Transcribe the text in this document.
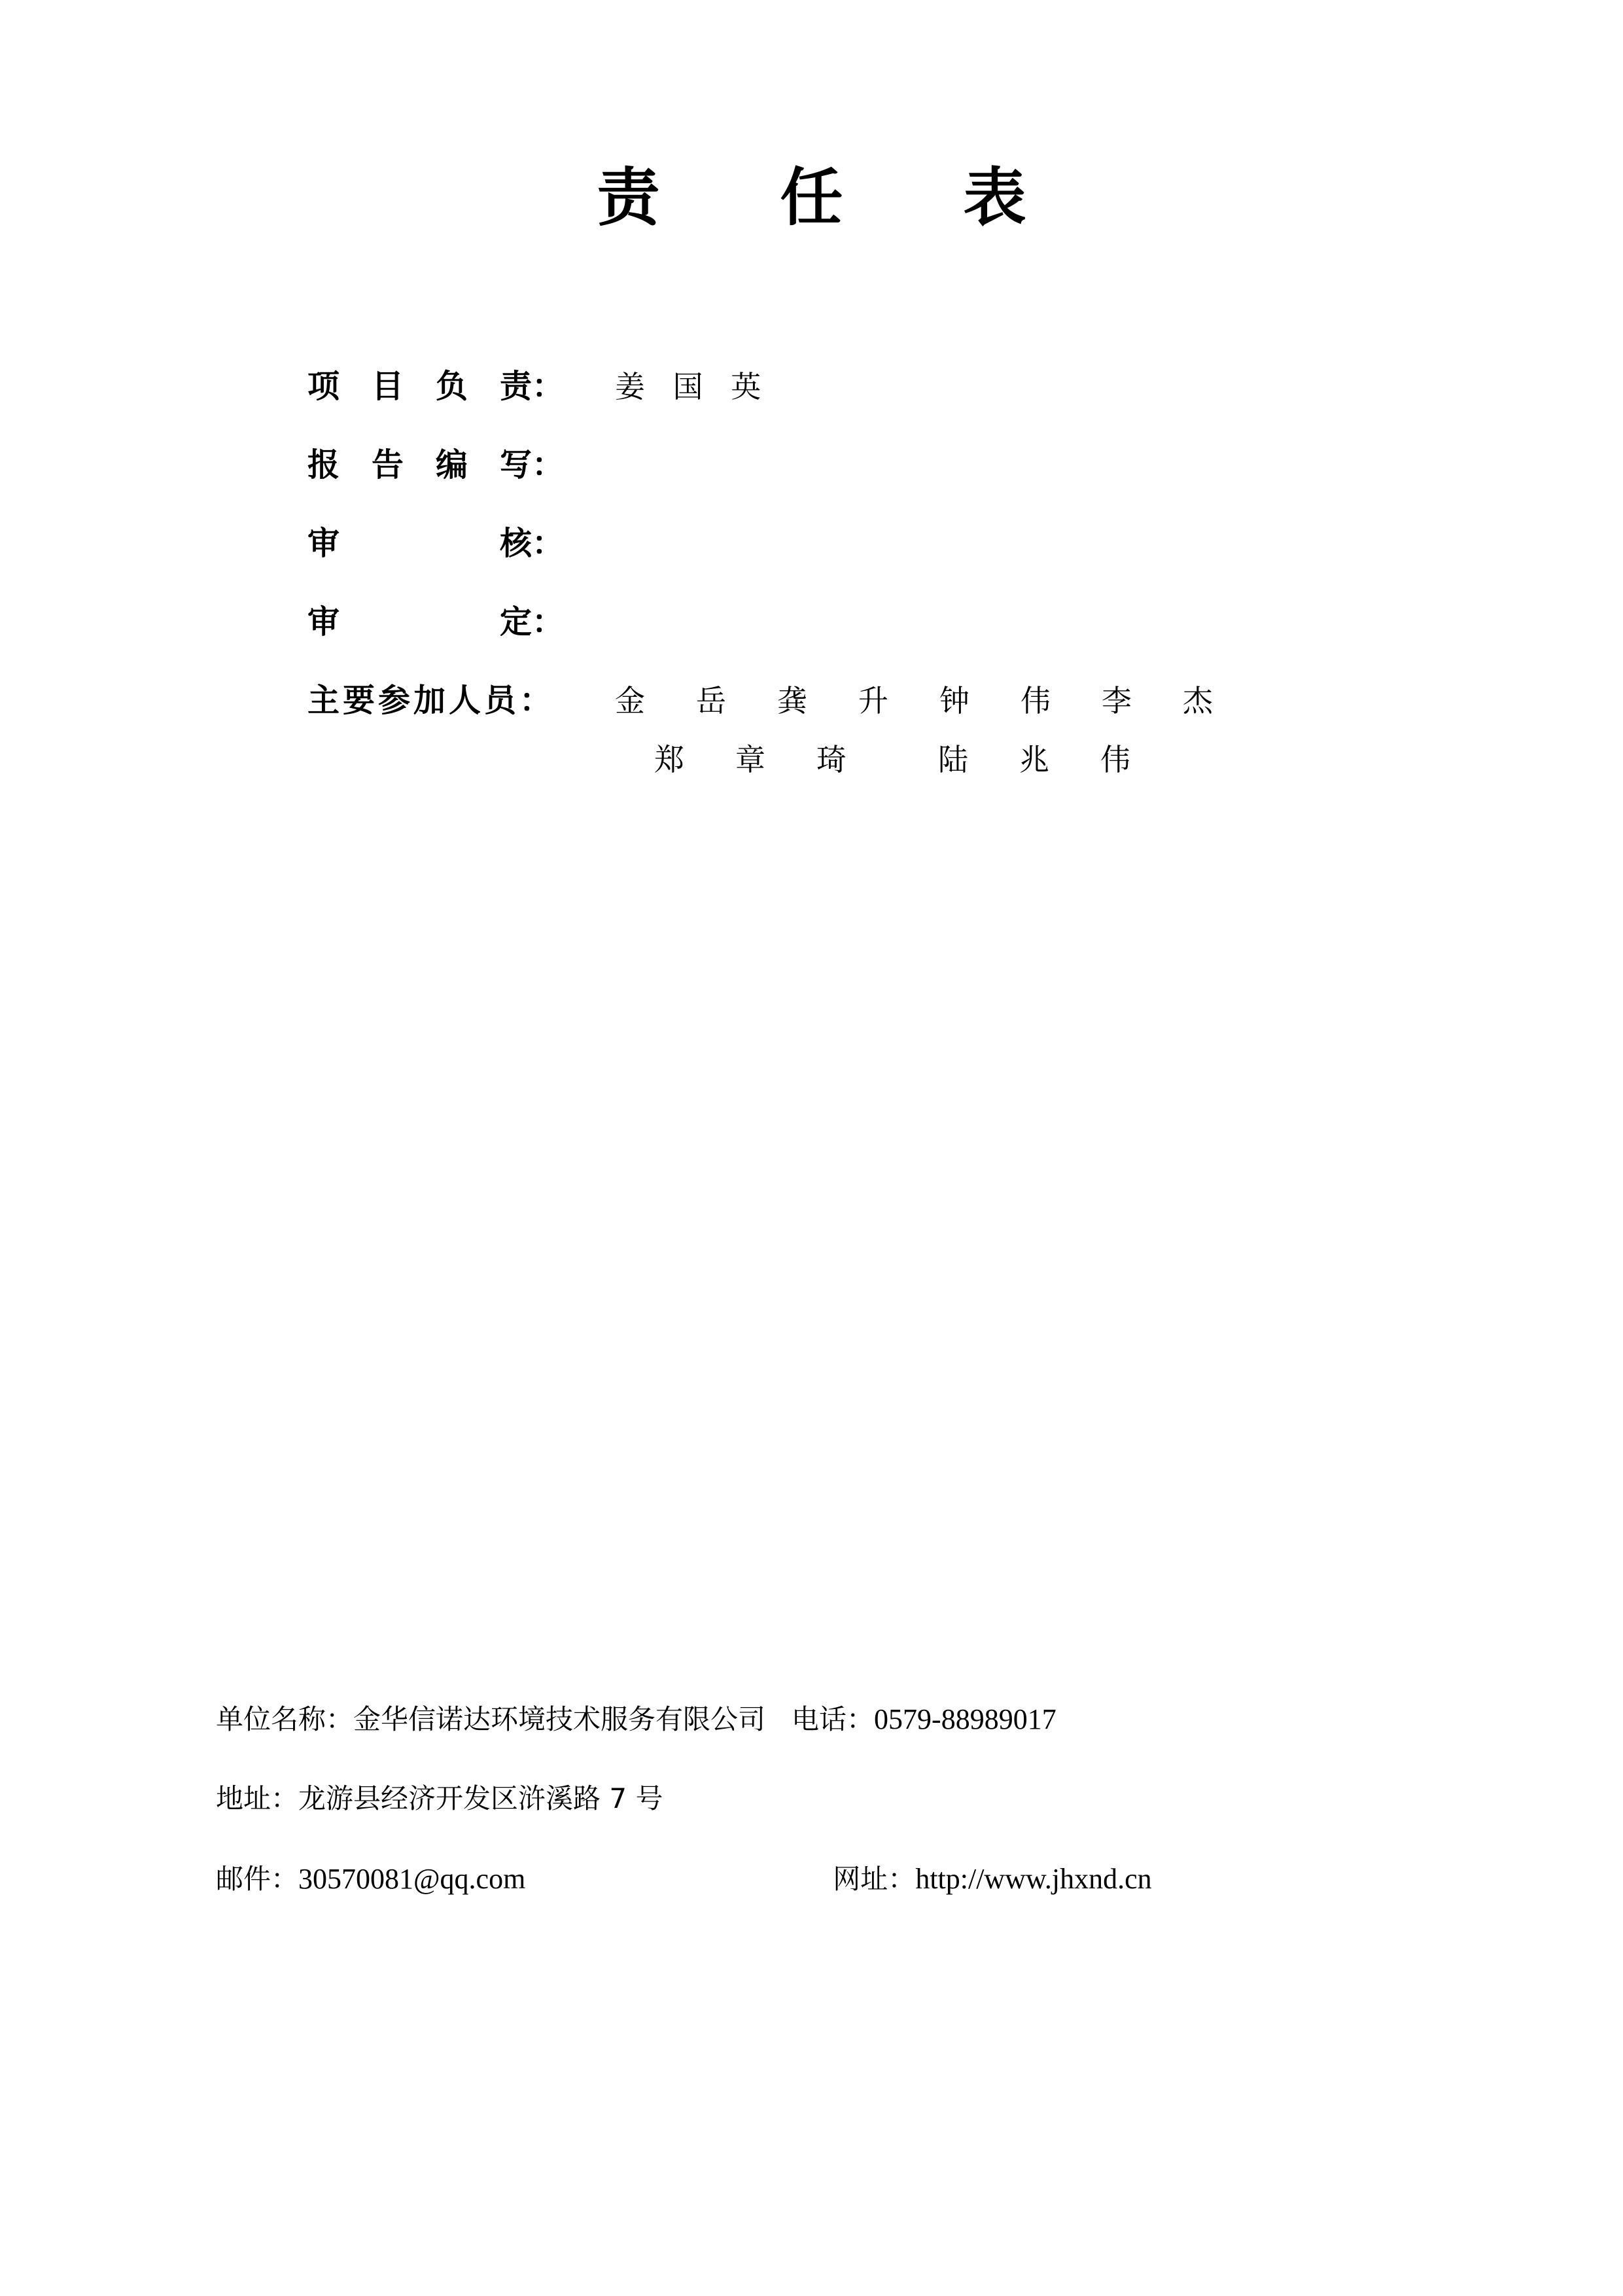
责　任　表
项　目　负　责：	姜 国 英
报　告　编　写：
审　　　　　核：
审　　　　　定：
主要参加人员：	金　岳　龚　升　钟　伟　李　杰
郑　章　琦　　陆　兆　伟
单位名称： 金华信诺达环境技术服务有限公司 电话： 0579-88989017
地址： 龙游县经济开发区浒溪路 7 号
邮件： 30570081@qq.com	网址： http://www.jhxnd.cn
